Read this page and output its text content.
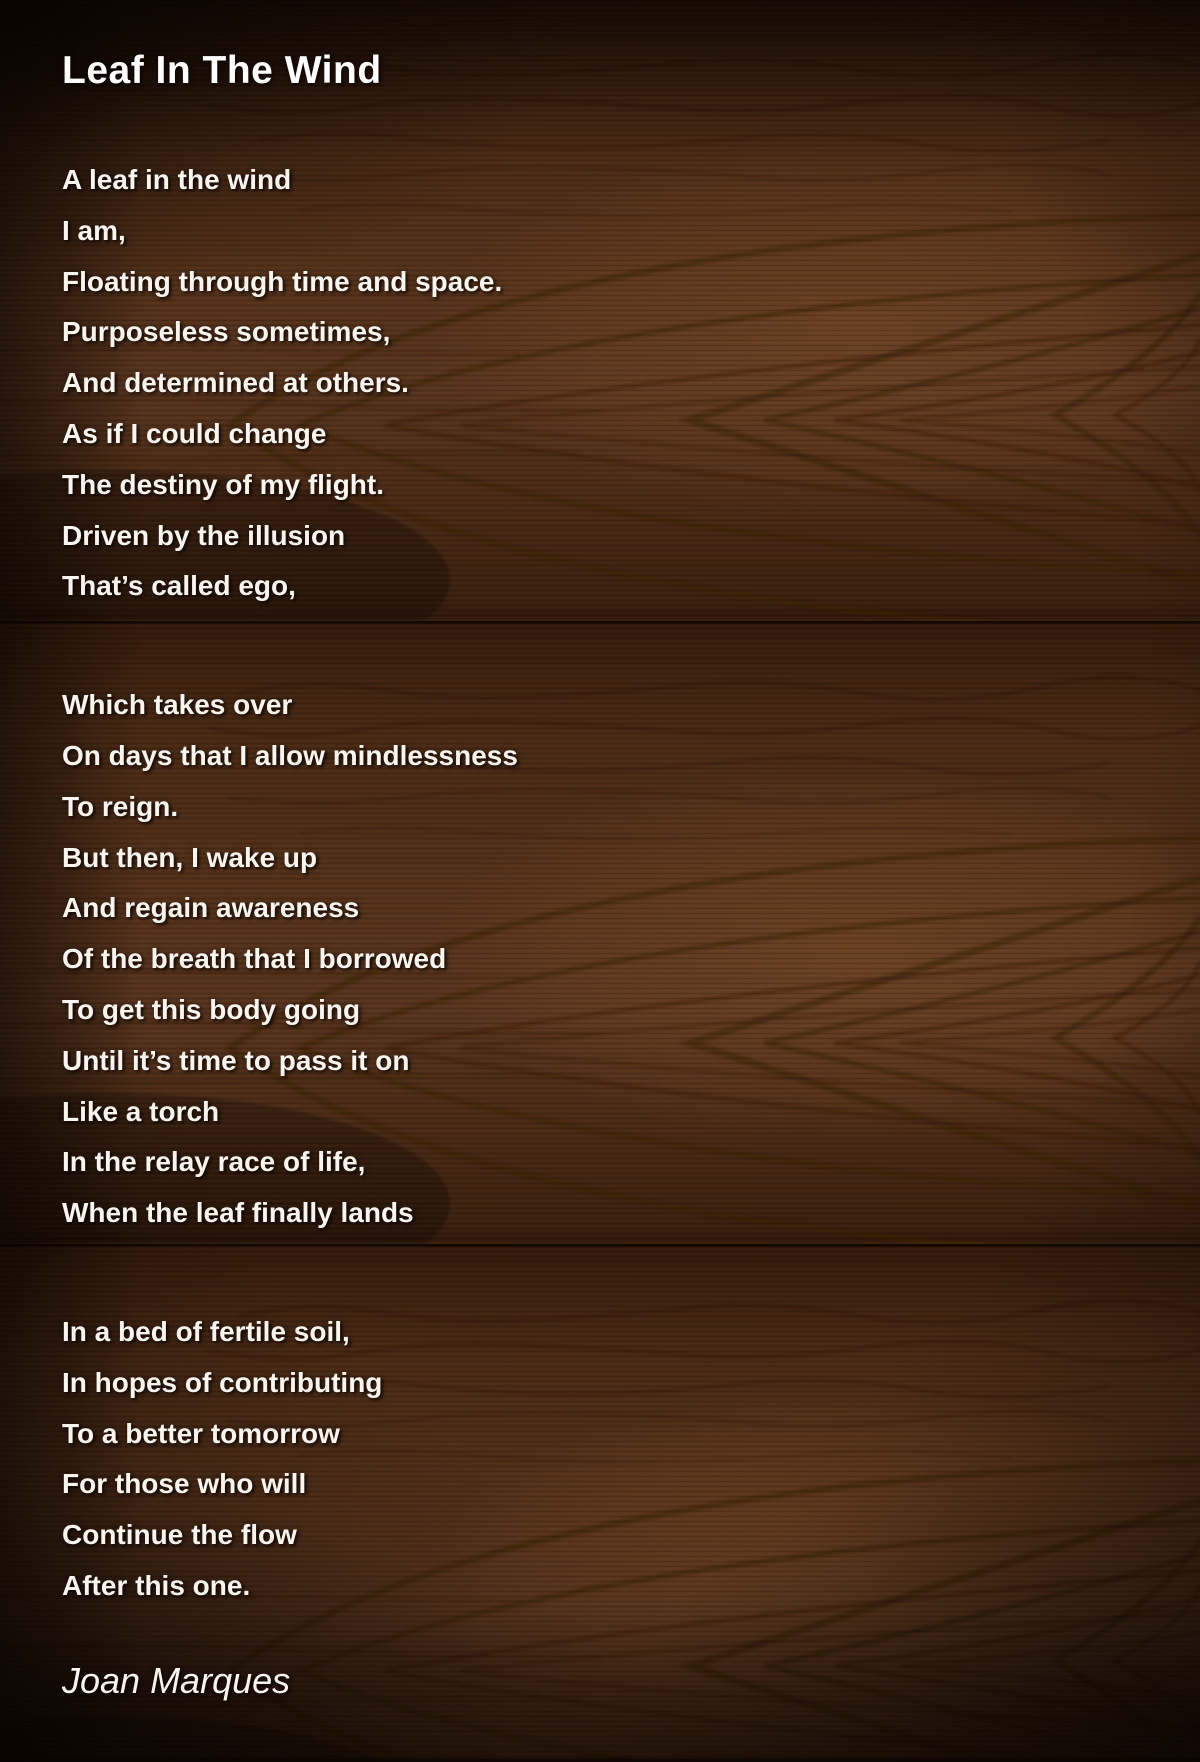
Leaf In The Wind
A leaf in the wind
I am,
Floating through time and space.
Purposeless sometimes,
And determined at others.
As if I could change
The destiny of my flight.
Driven by the illusion
That’s called ego,
Which takes over
On days that I allow mindlessness
To reign.
But then, I wake up
And regain awareness
Of the breath that I borrowed
To get this body going
Until it’s time to pass it on
Like a torch
In the relay race of life,
When the leaf finally lands
In a bed of fertile soil,
In hopes of contributing
To a better tomorrow
For those who will
Continue the flow
After this one.
Joan Marques
